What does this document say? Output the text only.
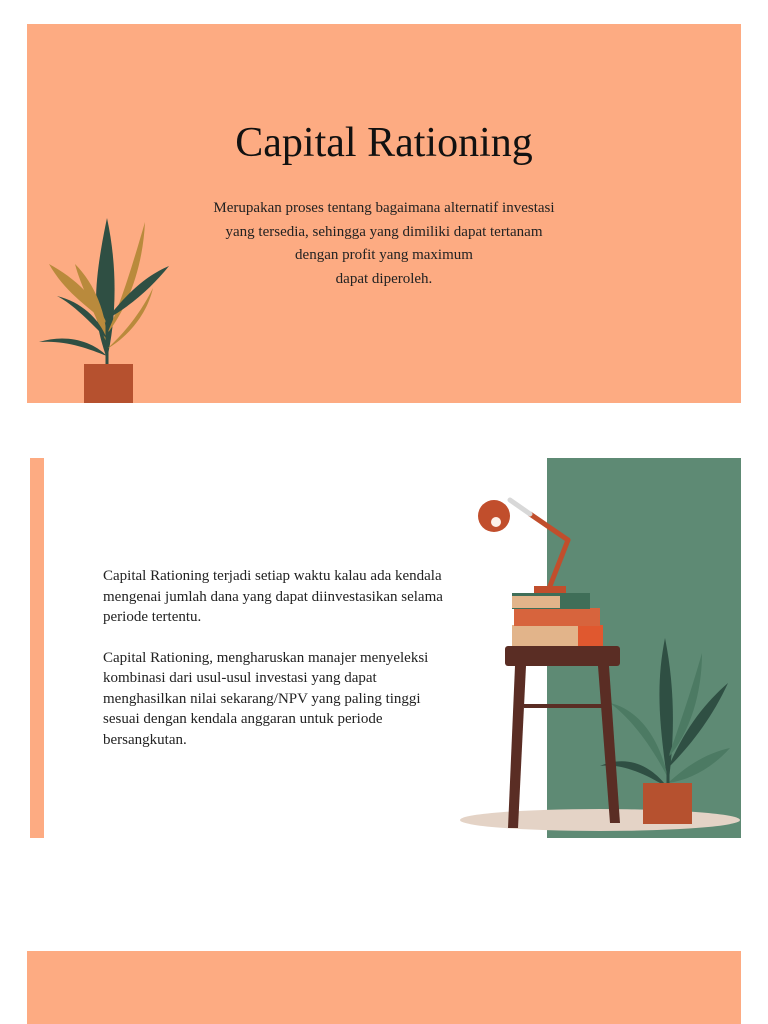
Capital Rationing

Merupakan proses tentang bagaimana alternatif investasi
yang tersedia, sehingga yang dimiliki dapat tertanam
dengan profit yang maximum
dapat diperoleh.

Capital Rationing terjadi setiap waktu kalau ada kendala mengenai jumlah dana yang dapat diinvestasikan selama periode tertentu.

Capital Rationing, mengharuskan manajer menyeleksi kombinasi dari usul-usul investasi yang dapat menghasilkan nilai sekarang/NPV yang paling tinggi sesuai dengan kendala anggaran untuk periode bersangkutan.
